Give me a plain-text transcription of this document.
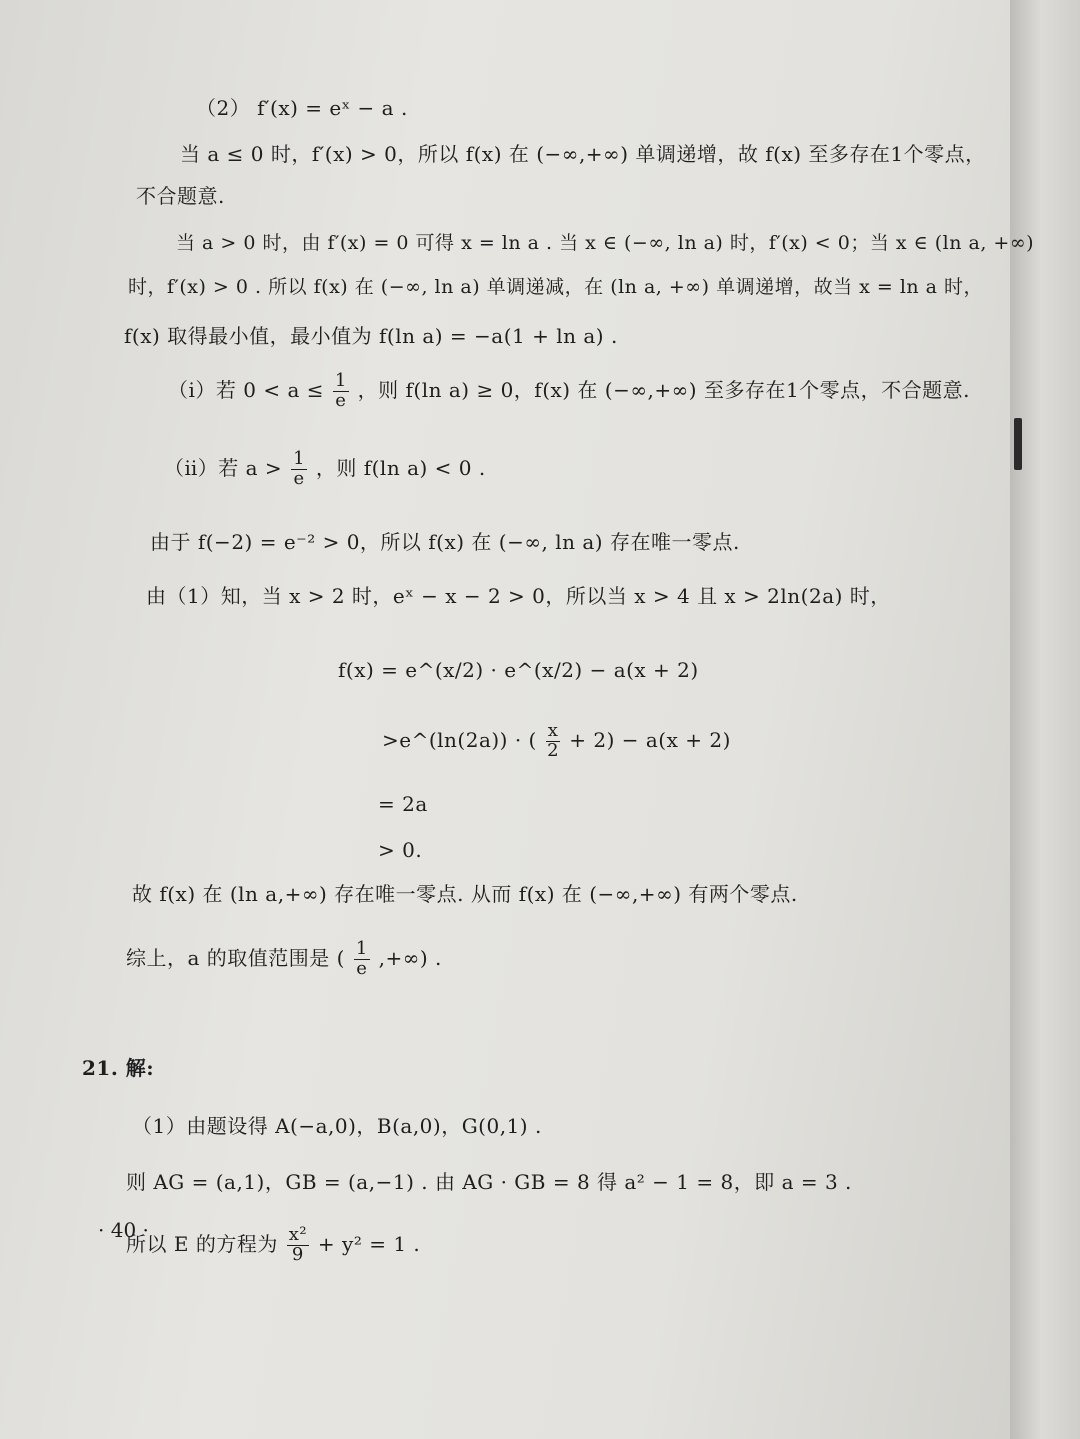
（2） f′(x) = eˣ − a .
当 a ≤ 0 时，f′(x) > 0，所以 f(x) 在 (−∞,+∞) 单调递增，故 f(x) 至多存在1个零点，
不合题意.
当 a > 0 时，由 f′(x) = 0 可得 x = ln a . 当 x ∈ (−∞, ln a) 时，f′(x) < 0；当 x ∈ (ln a, +∞)
时，f′(x) > 0 . 所以 f(x) 在 (−∞, ln a) 单调递减，在 (ln a, +∞) 单调递增，故当 x = ln a 时，
f(x) 取得最小值，最小值为 f(ln a) = −a(1 + ln a) .
（ⅰ）若 $0 < a \le \frac{1}{e}$ ，则 f(ln a) ≥ 0，f(x) 在 (−∞,+∞) 至多存在1个零点，不合题意.
（ⅱ）若 $a > \frac{1}{e}$ ，则 f(ln a) < 0 .
由于 f(−2) = e⁻² > 0，所以 f(x) 在 (−∞, ln a) 存在唯一零点.
由（1）知，当 x > 2 时，eˣ − x − 2 > 0，所以当 x > 4 且 x > 2ln(2a) 时，
f(x) = e^(x/2) · e^(x/2) − a(x + 2)
>e^(ln(2a)) · ( $\frac{x}{2} + 2) - a(x + 2)$
= 2a
> 0.
故 f(x) 在 (ln a,+∞) 存在唯一零点. 从而 f(x) 在 (−∞,+∞) 有两个零点.
综上，a 的取值范围是 ( $\frac{1}{e}$ ,+∞) .
21. 解:
（1）由题设得 A(−a,0)，B(a,0)，G(0,1) .
则 AG = (a,1)，GB = (a,−1) . 由 AG · GB = 8 得 a² − 1 = 8，即 a = 3 .
所以 E 的方程为 $\frac{\text{x²}}{9} + y^2 = 1$ .
· 40 ·
